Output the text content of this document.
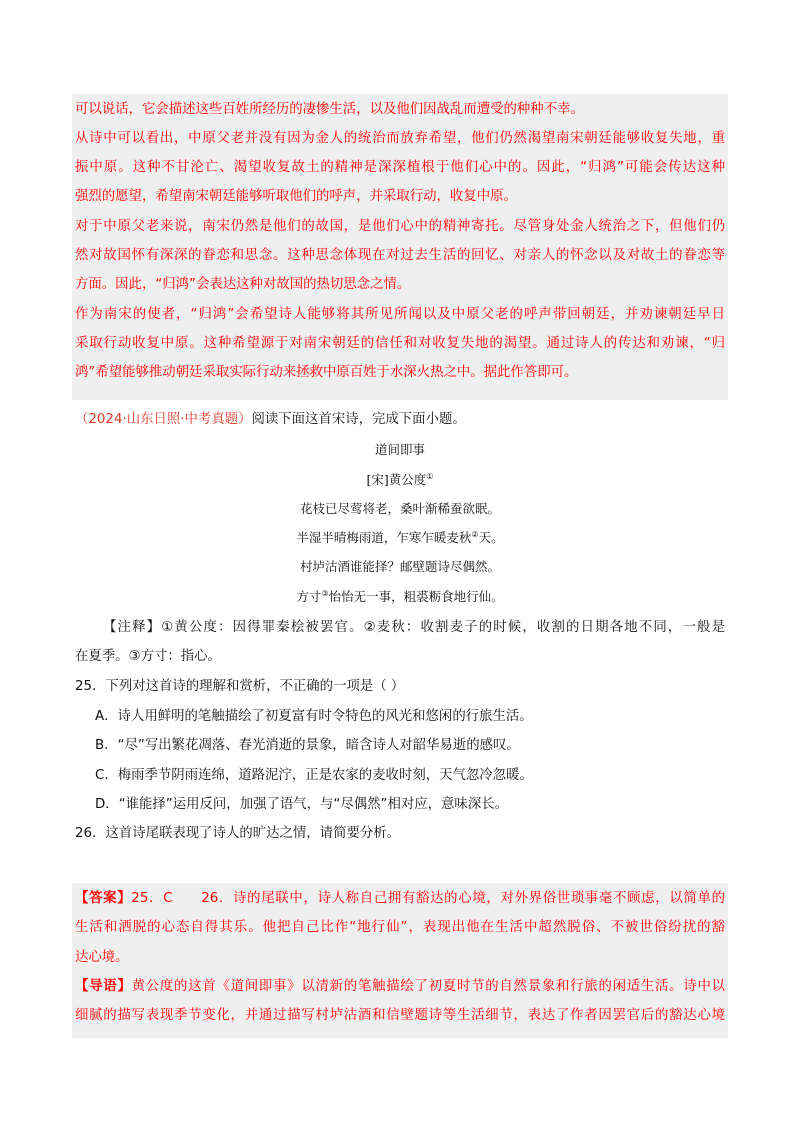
可以说话，它会描述这些百姓所经历的凄惨生活，以及他们因战乱而遭受的种种不幸。
从诗中可以看出，中原父老并没有因为金人的统治而放弃希望，他们仍然渴望南宋朝廷能够收复失地，重
振中原。这种不甘沦亡、渴望收复故土的精神是深深植根于他们心中的。因此，“归鸿”可能会传达这种
强烈的愿望，希望南宋朝廷能够听取他们的呼声，并采取行动，收复中原。
对于中原父老来说，南宋仍然是他们的故国，是他们心中的精神寄托。尽管身处金人统治之下，但他们仍
然对故国怀有深深的眷恋和思念。这种思念体现在对过去生活的回忆、对亲人的怀念以及对故土的眷恋等
方面。因此，“归鸿”会表达这种对故国的热切思念之情。
作为南宋的使者，“归鸿”会希望诗人能够将其所见所闻以及中原父老的呼声带回朝廷，并劝谏朝廷早日
采取行动收复中原。这种希望源于对南宋朝廷的信任和对收复失地的渴望。通过诗人的传达和劝谏，“归
鸿”希望能够推动朝廷采取实际行动来拯救中原百姓于水深火热之中。据此作答即可。
（2024·山东日照·中考真题）阅读下面这首宋诗，完成下面小题。
道间即事
[宋]黄公度①
花枝已尽莺将老，桑叶渐稀蚕欲眠。
半湿半晴梅雨道，乍寒乍暖麦秋②天。
村垆沽酒谁能择？邮壁题诗尽偶然。
方寸③怡怡无一事，粗裘粝食地行仙。
【注释】①黄公度：因得罪秦桧被罢官。②麦秋：收割麦子的时候，收割的日期各地不同，一般是
在夏季。③方寸：指心。
25．下列对这首诗的理解和赏析，不正确的一项是（ ）
A．诗人用鲜明的笔触描绘了初夏富有时令特色的风光和悠闲的行旅生活。
B．“尽”写出繁花凋落、春光消逝的景象，暗含诗人对韶华易逝的感叹。
C．梅雨季节阴雨连绵，道路泥泞，正是农家的麦收时刻，天气忽冷忽暖。
D．“谁能择”运用反问，加强了语气，与“尽偶然”相对应，意味深长。
26．这首诗尾联表现了诗人的旷达之情，请简要分析。
【答案】25．C　　26．诗的尾联中，诗人称自己拥有豁达的心境，对外界俗世琐事毫不顾虑，以简单的
生活和洒脱的心态自得其乐。他把自己比作“地行仙”，表现出他在生活中超然脱俗、不被世俗纷扰的豁
达心境。
【导语】黄公度的这首《道间即事》以清新的笔触描绘了初夏时节的自然景象和行旅的闲适生活。诗中以
细腻的描写表现季节变化，并通过描写村垆沽酒和信壁题诗等生活细节，表达了作者因罢官后的豁达心境
